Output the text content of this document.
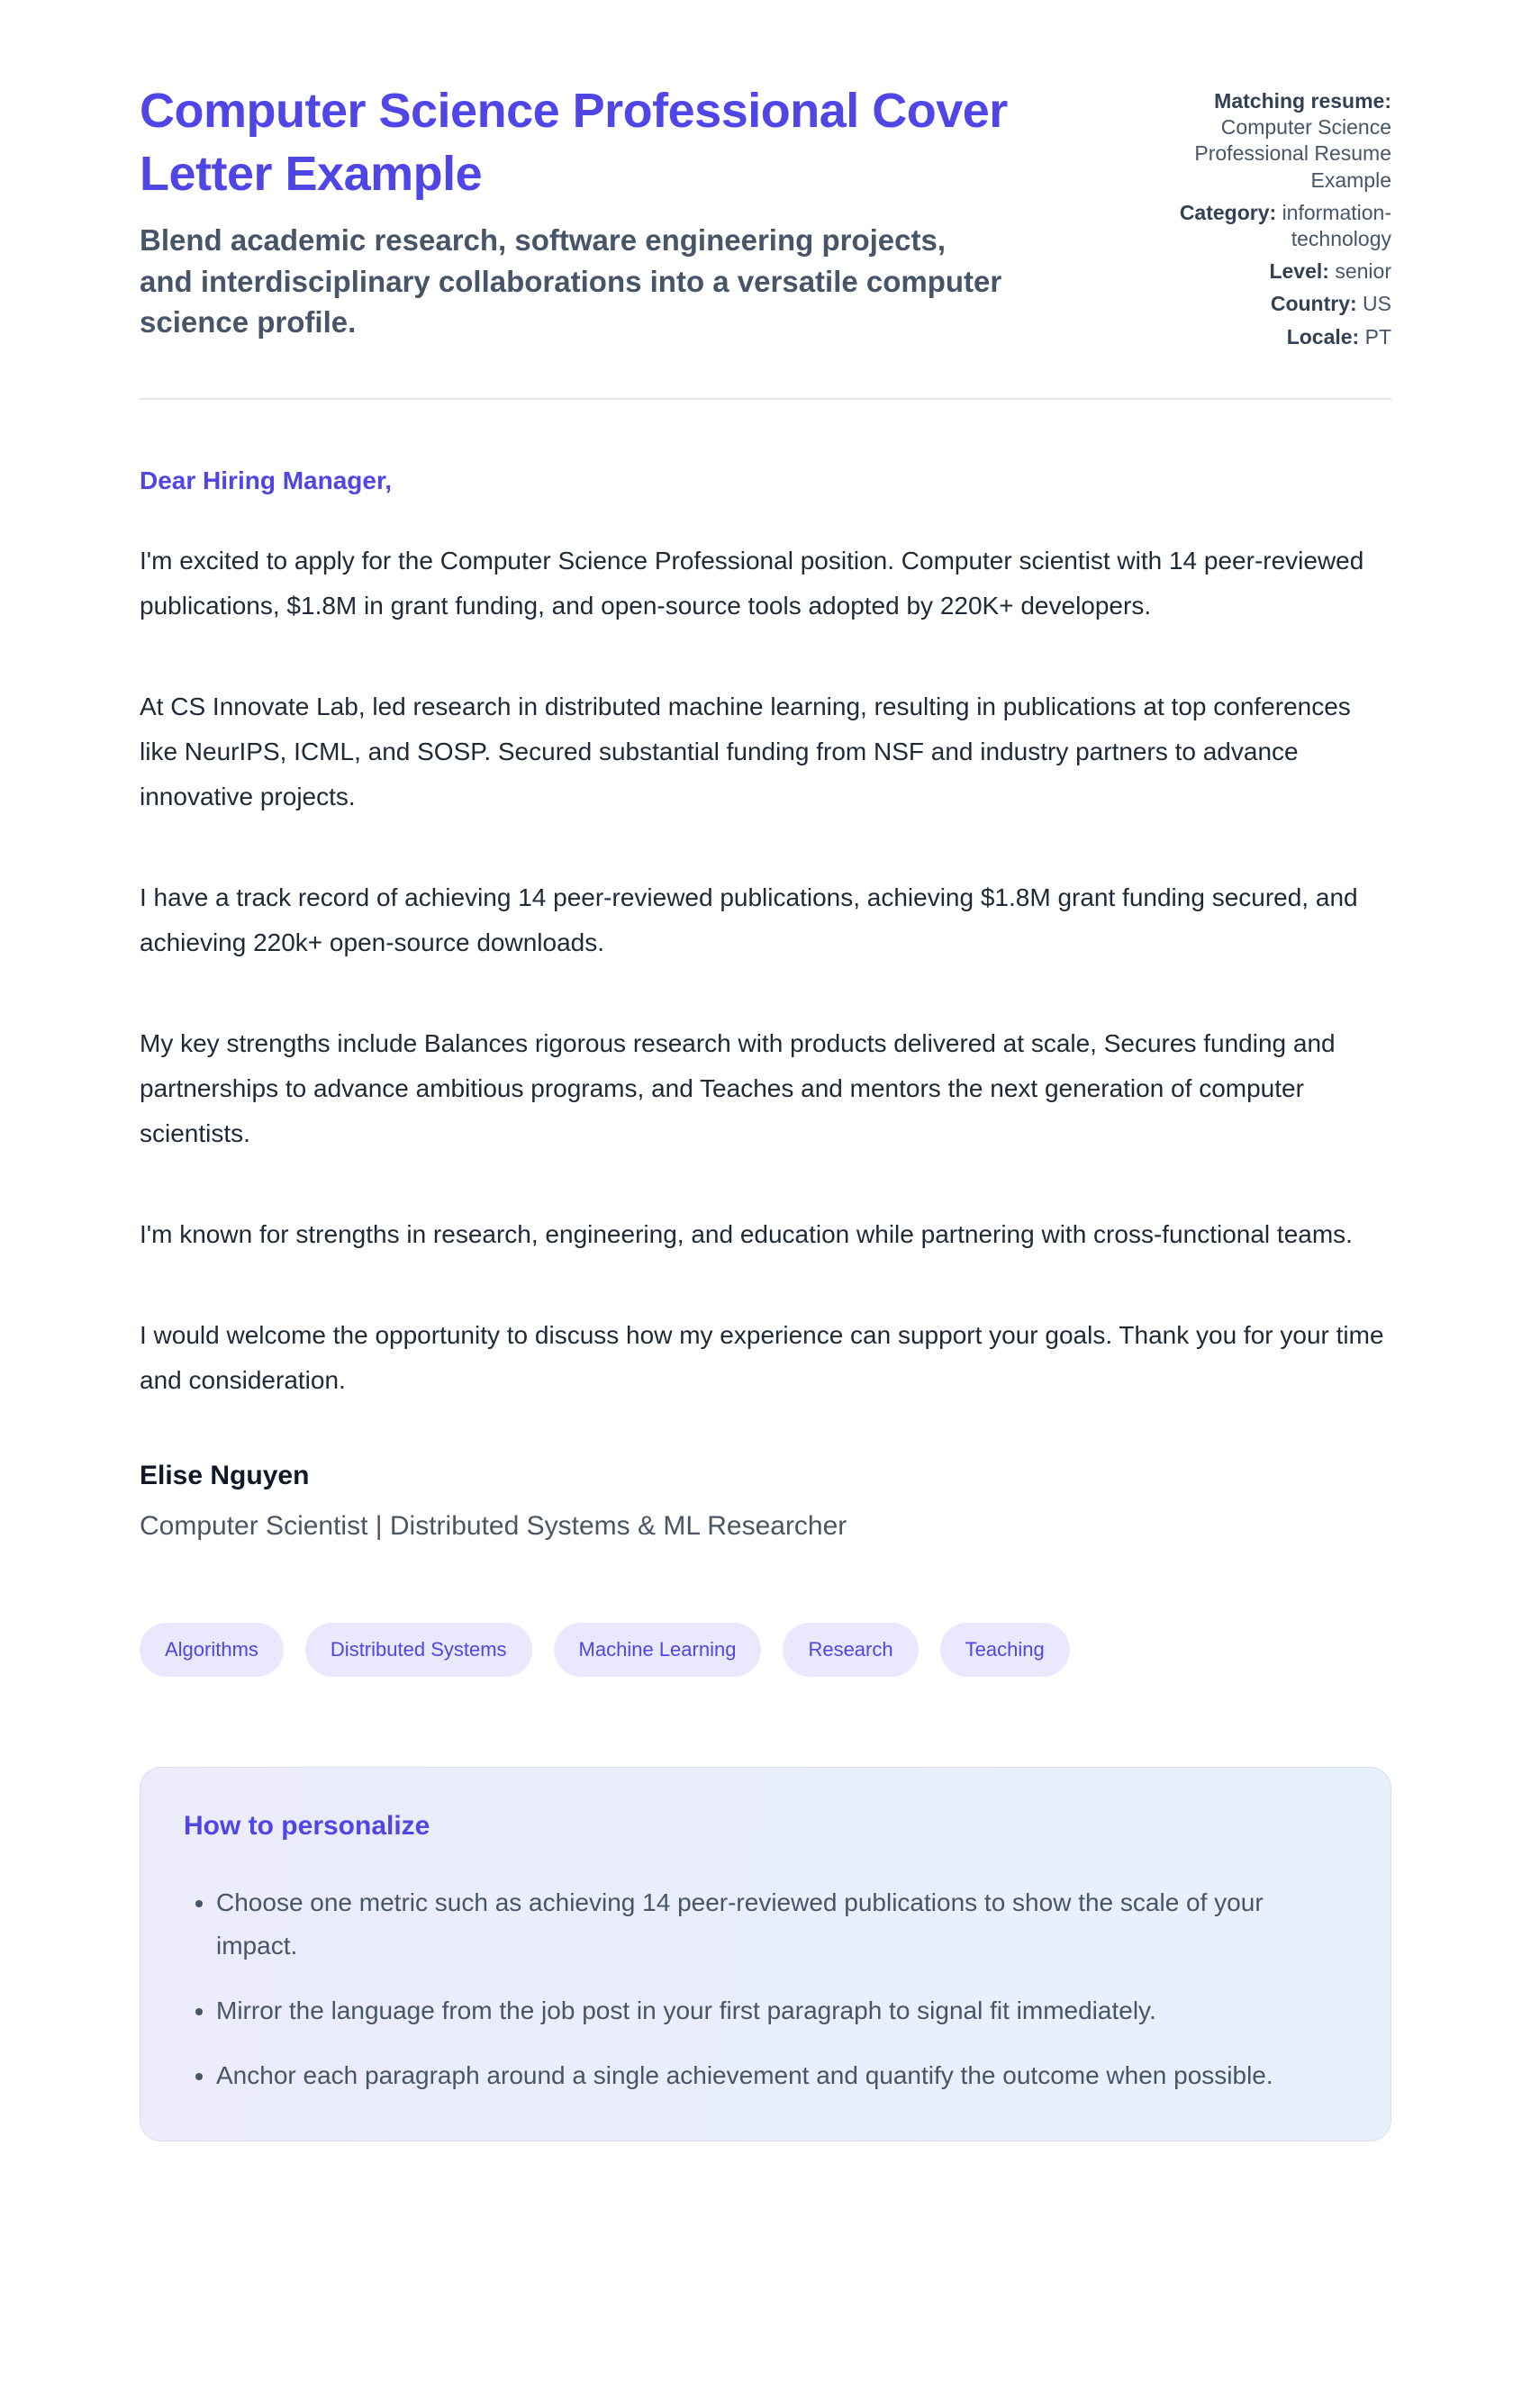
Computer Science Professional Cover Letter Example

Blend academic research, software engineering projects, and interdisciplinary collaborations into a versatile computer science profile.

Matching resume: Computer Science Professional Resume Example

Category: information-technology

Level: senior

Country: US

Locale: PT

Dear Hiring Manager,

I'm excited to apply for the Computer Science Professional position. Computer scientist with 14 peer-reviewed publications, $1.8M in grant funding, and open-source tools adopted by 220K+ developers.

At CS Innovate Lab, led research in distributed machine learning, resulting in publications at top conferences like NeurIPS, ICML, and SOSP. Secured substantial funding from NSF and industry partners to advance innovative projects.

I have a track record of achieving 14 peer-reviewed publications, achieving $1.8M grant funding secured, and achieving 220k+ open-source downloads.

My key strengths include Balances rigorous research with products delivered at scale, Secures funding and partnerships to advance ambitious programs, and Teaches and mentors the next generation of computer scientists.

I'm known for strengths in research, engineering, and education while partnering with cross-functional teams.

I would welcome the opportunity to discuss how my experience can support your goals. Thank you for your time and consideration.

Elise Nguyen

Computer Scientist | Distributed Systems & ML Researcher

Algorithms	Distributed Systems	Machine Learning	Research	Teaching
How to personalize
• Choose one metric such as achieving 14 peer-reviewed publications to show the scale of your impact.
• Mirror the language from the job post in your first paragraph to signal fit immediately.
• Anchor each paragraph around a single achievement and quantify the outcome when possible.
